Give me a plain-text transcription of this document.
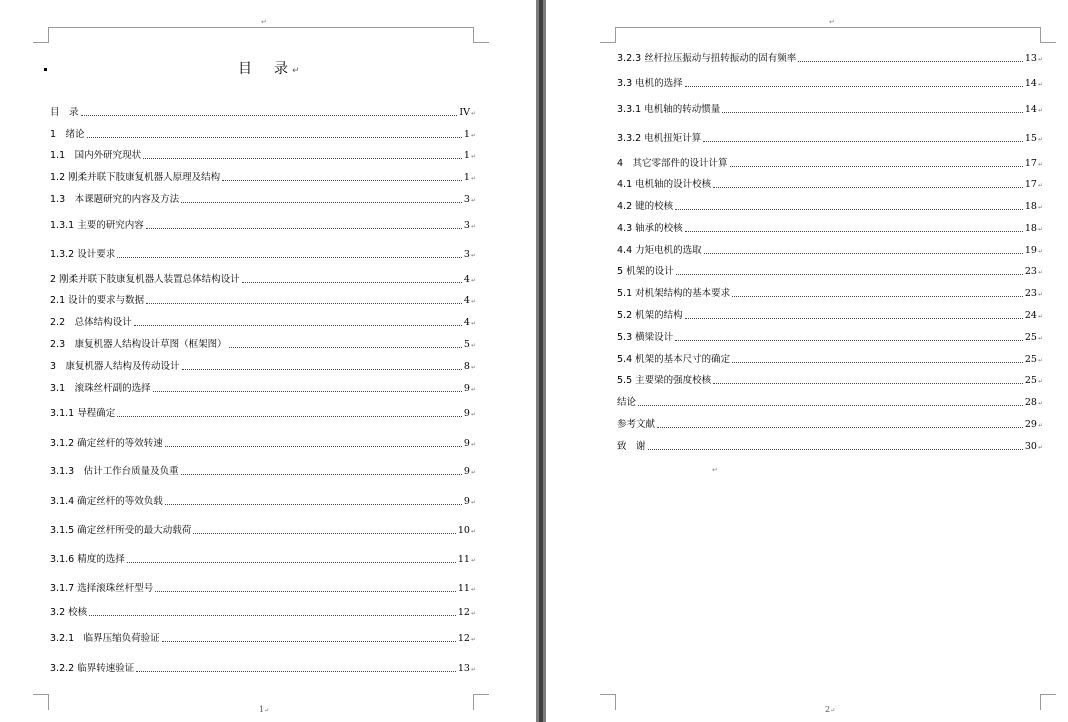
↵
目　录↵
目　录	IV ↵
1　绪论	1 ↵
1.1　国内外研究现状	1 ↵
1.2 刚柔并联下肢康复机器人原理及结构	1 ↵
1.3　本课题研究的内容及方法	3 ↵
1.3.1 主要的研究内容	3 ↵
1.3.2 设计要求	3 ↵
2 刚柔并联下肢康复机器人装置总体结构设计	4 ↵
2.1 设计的要求与数据	4 ↵
2.2　总体结构设计	4 ↵
2.3　康复机器人结构设计草图（框架图）	5 ↵
3　康复机器人结构及传动设计	8 ↵
3.1　滚珠丝杆副的选择	9 ↵
3.1.1 导程确定	9 ↵
3.1.2 确定丝杆的等效转速	9 ↵
3.1.3　估计工作台质量及负重	9 ↵
3.1.4 确定丝杆的等效负载	9 ↵
3.1.5 确定丝杆所受的最大动载荷	10 ↵
3.1.6 精度的选择	11 ↵
3.1.7 选择滚珠丝杆型号	11 ↵
3.2 校核	12 ↵
3.2.1　临界压缩负荷验证	12 ↵
3.2.2 临界转速验证	13 ↵
1↵
↵
3.2.3 丝杆拉压振动与扭转振动的固有频率	13 ↵
3.3 电机的选择	14 ↵
3.3.1 电机轴的转动惯量	14 ↵
3.3.2 电机扭矩计算	15 ↵
4　其它零部件的设计计算	17 ↵
4.1 电机轴的设计校核	17 ↵
4.2 键的校核	18 ↵
4.3 轴承的校核	18 ↵
4.4 力矩电机的选取	19 ↵
5 机架的设计	23 ↵
5.1 对机架结构的基本要求	23 ↵
5.2 机架的结构	24 ↵
5.3 横梁设计	25 ↵
5.4 机架的基本尺寸的确定	25 ↵
5.5 主要梁的强度校核	25 ↵
结论	28 ↵
参考文献	29 ↵
致　谢	30 ↵
↵
2↵
